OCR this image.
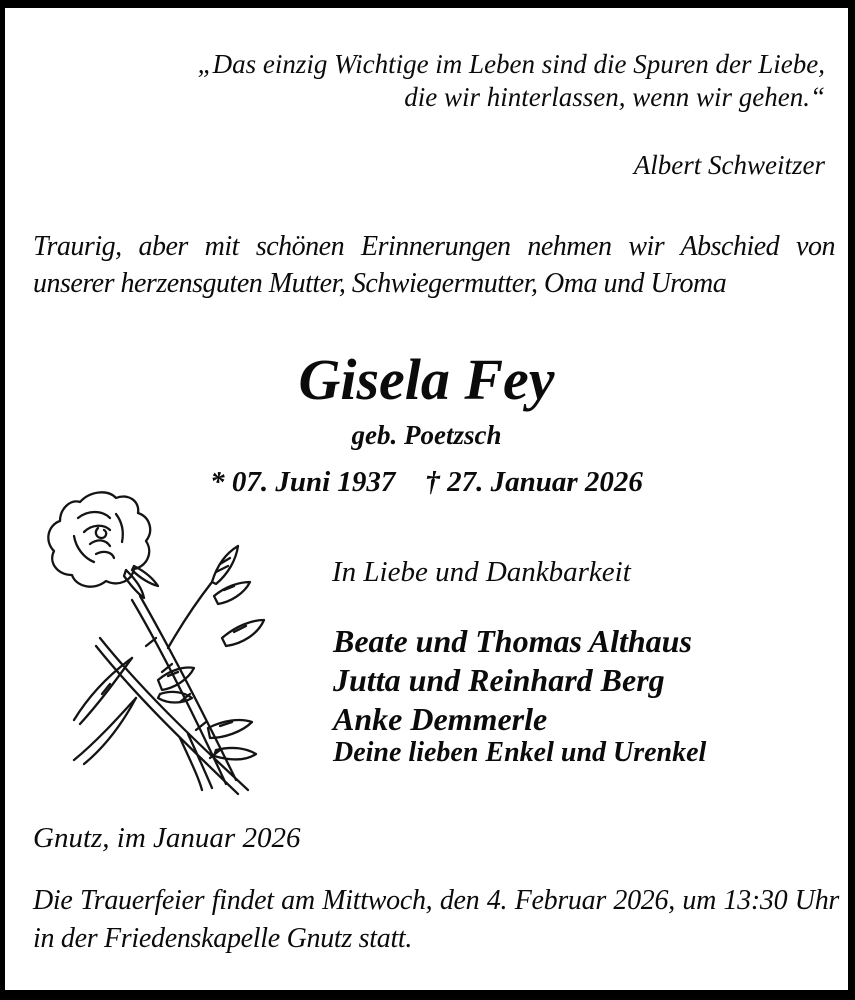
„Das einzig Wichtige im Leben sind die Spuren der Liebe,
die wir hinterlassen, wenn wir gehen.“
Albert Schweitzer
Traurig, aber mit schönen Erinnerungen nehmen wir Abschied von unserer herzensguten Mutter, Schwiegermutter, Oma und Uroma
Gisela Fey
geb. Poetzsch
* 07. Juni 1937 † 27. Januar 2026
In Liebe und Dankbarkeit
Beate und Thomas Althaus
Jutta und Reinhard Berg
Anke Demmerle
Deine lieben Enkel und Urenkel
Gnutz, im Januar 2026
Die Trauerfeier findet am Mittwoch, den 4. Februar 2026, um 13:30 Uhr in der Friedenskapelle Gnutz statt.
